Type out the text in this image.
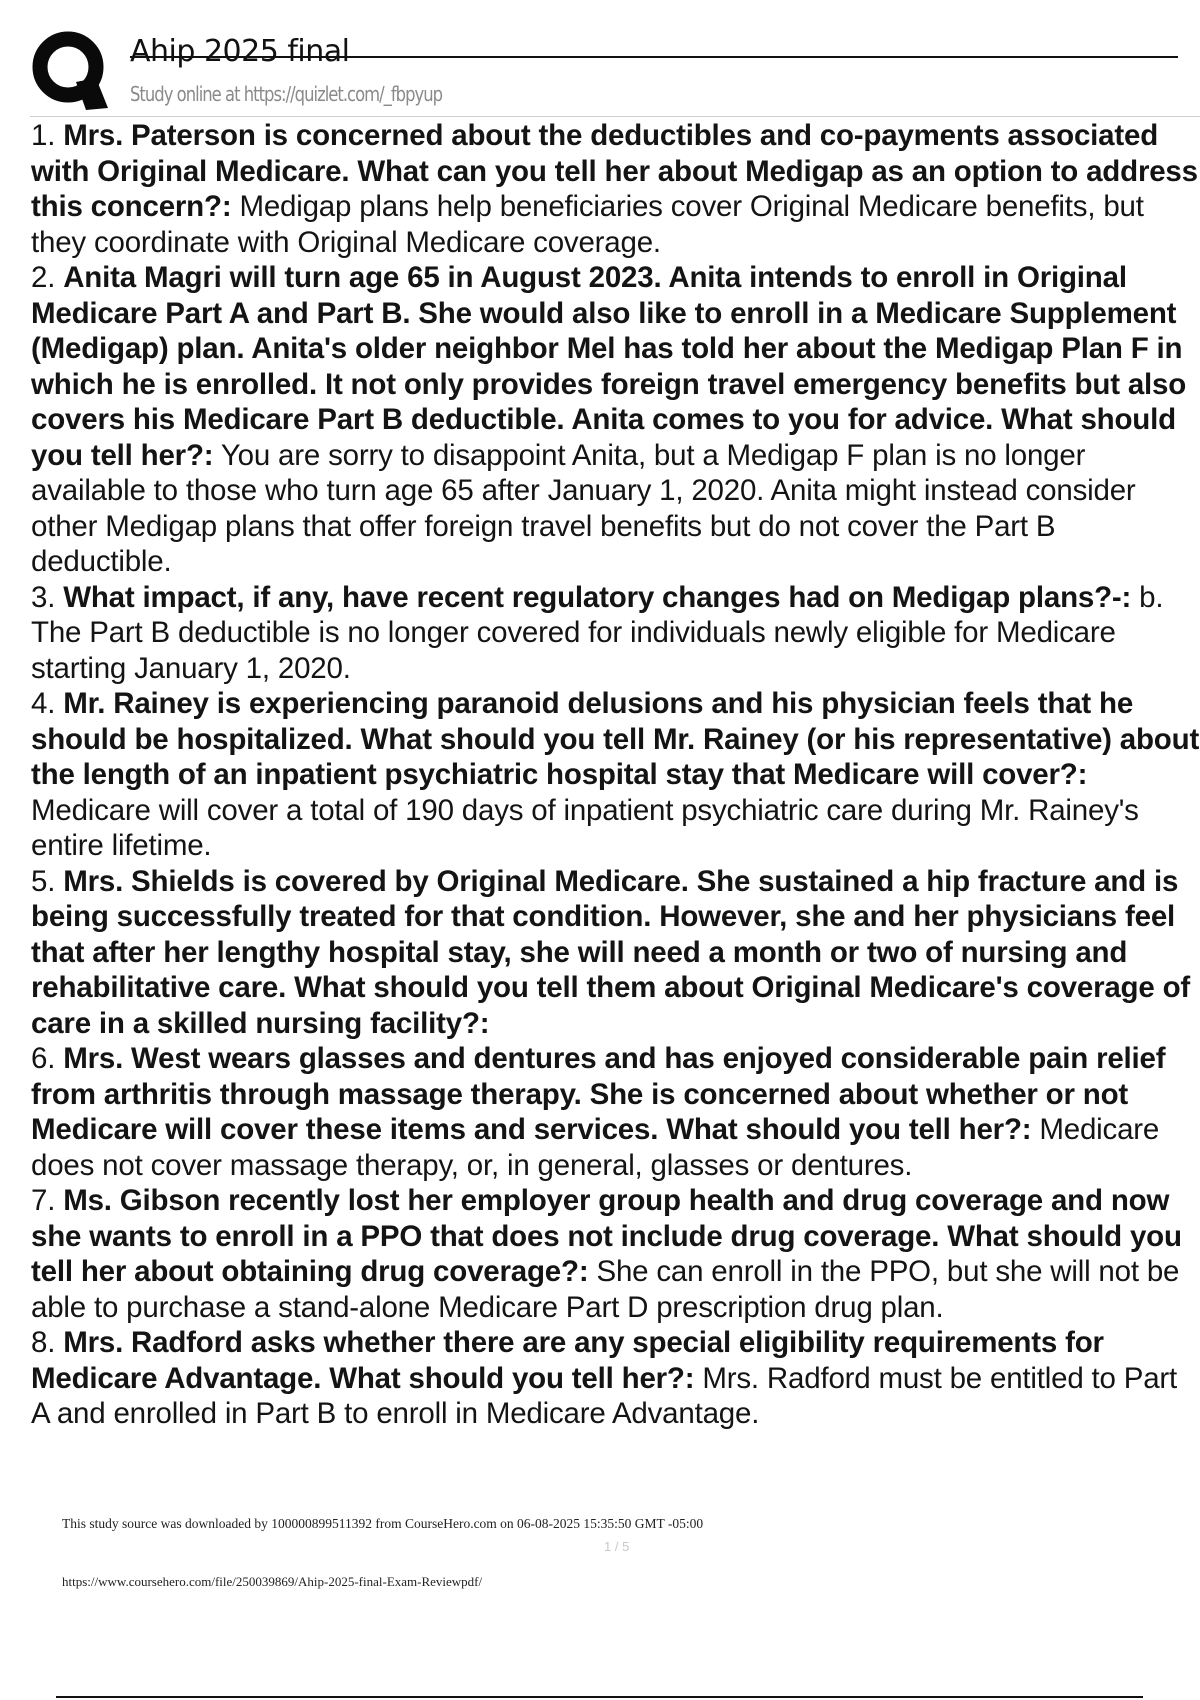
Ahip 2025 final
Study online at https://quizlet.com/_fbpyup

1. Mrs. Paterson is concerned about the deductibles and co-payments associated with Original Medicare. What can you tell her about Medigap as an option to address this concern?: Medigap plans help beneficiaries cover Original Medicare benefits, but they coordinate with Original Medicare coverage.

2. Anita Magri will turn age 65 in August 2023. Anita intends to enroll in Original Medicare Part A and Part B. She would also like to enroll in a Medicare Supplement (Medigap) plan. Anita's older neighbor Mel has told her about the Medigap Plan F in which he is enrolled. It not only provides foreign travel emergency benefits but also covers his Medicare Part B deductible. Anita comes to you for advice. What should you tell her?: You are sorry to disappoint Anita, but a Medigap F plan is no longer available to those who turn age 65 after January 1, 2020. Anita might instead consider other Medigap plans that offer foreign travel benefits but do not cover the Part B deductible.

3. What impact, if any, have recent regulatory changes had on Medigap plans?-: b.
The Part B deductible is no longer covered for individuals newly eligible for Medicare starting January 1, 2020.

4. Mr. Rainey is experiencing paranoid delusions and his physician feels that he should be hospitalized. What should you tell Mr. Rainey (or his representative) about the length of an inpatient psychiatric hospital stay that Medicare will cover?: Medicare will cover a total of 190 days of inpatient psychiatric care during Mr. Rainey's entire lifetime.

5. Mrs. Shields is covered by Original Medicare. She sustained a hip fracture and is being successfully treated for that condition. However, she and her physicians feel that after her lengthy hospital stay, she will need a month or two of nursing and rehabilitative care. What should you tell them about Original Medicare's coverage of care in a skilled nursing facility?:

6. Mrs. West wears glasses and dentures and has enjoyed considerable pain relief from arthritis through massage therapy. She is concerned about whether or not Medicare will cover these items and services. What should you tell her?: Medicare does not cover massage therapy, or, in general, glasses or dentures.

7. Ms. Gibson recently lost her employer group health and drug coverage and now she wants to enroll in a PPO that does not include drug coverage. What should you tell her about obtaining drug coverage?: She can enroll in the PPO, but she will not be able to purchase a stand-alone Medicare Part D prescription drug plan.

8. Mrs. Radford asks whether there are any special eligibility requirements for Medicare Advantage. What should you tell her?: Mrs. Radford must be entitled to Part A and enrolled in Part B to enroll in Medicare Advantage.

This study source was downloaded by 100000899511392 from CourseHero.com on 06-08-2025 15:35:50 GMT -05:00
1 / 5
https://www.coursehero.com/file/250039869/Ahip-2025-final-Exam-Reviewpdf/
